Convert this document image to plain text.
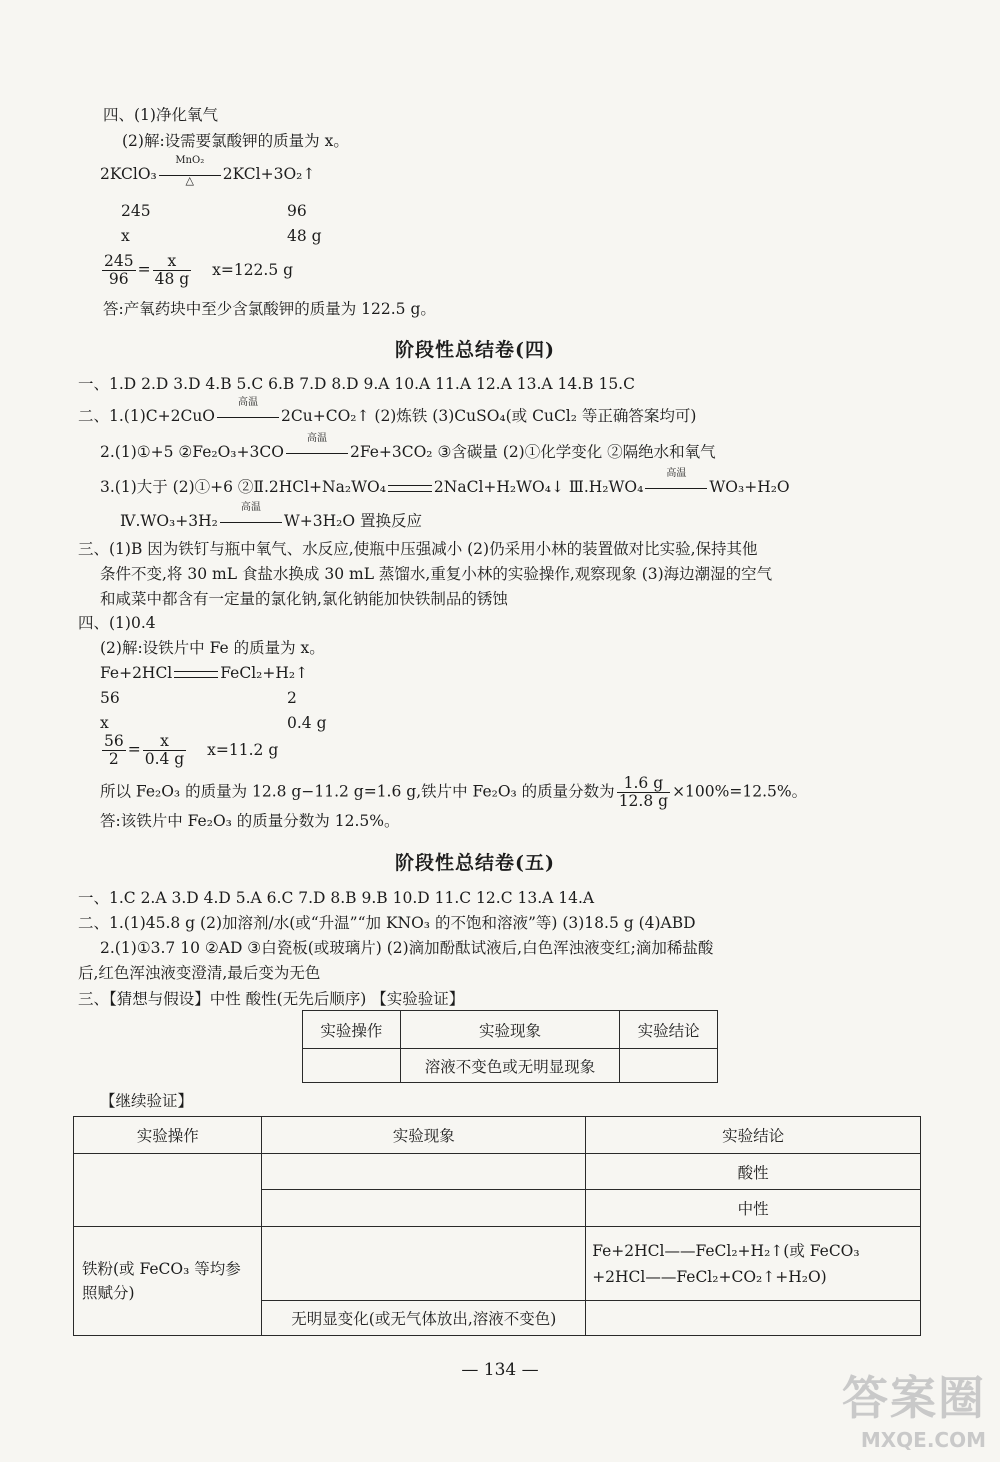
四、(1)净化氧气
(2)解:设需要氯酸钾的质量为 x。
2KClO₃
MnO₂
△	2KCl+3O₂↑
245	96
x	48 g
$\frac{245}{96} = \frac{x}{48 g} x=122.5$ g
答:产氧药块中至少含氯酸钾的质量为 122.5 g。
阶段性总结卷(四)
一、1.D 2.D 3.D 4.B 5.C 6.B 7.D 8.D 9.A 10.A 11.A 12.A 13.A 14.B 15.C
二、1.(1)C+2CuO
高温
2Cu+CO₂↑ (2)炼铁 (3)CuSO₄(或 CuCl₂ 等正确答案均可)
2.(1)①+5 ②Fe₂O₃+3CO
高温
2Fe+3CO₂ ③含碳量 (2)①化学变化 ②隔绝水和氧气
3.(1)大于 (2)①+6 ②Ⅱ.2HCl+Na₂WO₄	2NaCl+H₂WO₄↓ Ⅲ.H₂WO₄
高温
WO₃+H₂O
Ⅳ.WO₃+3H₂
高温
W+3H₂O 置换反应
三、(1)B 因为铁钉与瓶中氧气、水反应,使瓶中压强减小 (2)仍采用小林的装置做对比实验,保持其他
条件不变,将 30 mL 食盐水换成 30 mL 蒸馏水,重复小林的实验操作,观察现象 (3)海边潮湿的空气
和咸菜中都含有一定量的氯化钠,氯化钠能加快铁制品的锈蚀
四、(1)0.4
(2)解:设铁片中 Fe 的质量为 x。
Fe+2HCl	FeCl₂+H₂↑
56	2
x	0.4 g
$\frac{56}{2} = \frac{x}{0.4 g} x=11.2$ g
所以 Fe₂O₃ 的质量为 12.8 g−11.2 g=1.6 g,铁片中 Fe₂O₃ 的质量分数为 $\frac{1.6 g}{12.8 g} \times 100\%=12.5\%$。
答:该铁片中 Fe₂O₃ 的质量分数为 12.5%。
阶段性总结卷(五)
一、1.C 2.A 3.D 4.D 5.A 6.C 7.D 8.B 9.B 10.D 11.C 12.C 13.A 14.A
二、1.(1)45.8 g (2)加溶剂/水(或“升温”“加 KNO₃ 的不饱和溶液”等) (3)18.5 g (4)ABD
2.(1)①3.7 10 ②AD ③白瓷板(或玻璃片) (2)滴加酚酞试液后,白色浑浊液变红;滴加稀盐酸
后,红色浑浊液变澄清,最后变为无色
三、【猜想与假设】中性 酸性(无先后顺序) 【实验验证】
实验操作	实验现象	实验结论
	溶液不变色或无明显现象	
【继续验证】
实验操作	实验现象	实验结论
		酸性
		中性
铁粉(或 FeCO₃ 等均参照赋分)		Fe+2HCl——FeCl₂+H₂↑(或 FeCO₃
+2HCl——FeCl₂+CO₂↑+H₂O)

	无明显变化(或无气体放出,溶液不变色)	
— 134 —
答案圈
MXQE.COM
